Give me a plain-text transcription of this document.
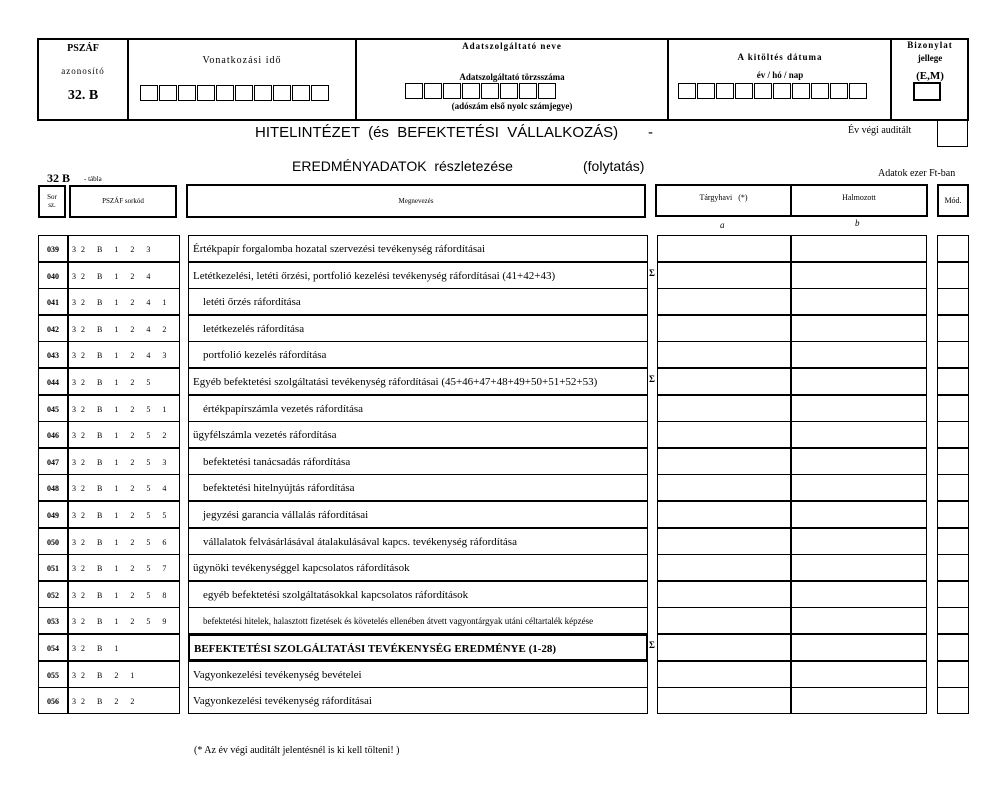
PSZÁF
azonosító
32. B
Vonatkozási idő
Adatszolgáltató neve
Adatszolgáltató törzsszáma
(adószám első nyolc számjegye)
A kitöltés dátuma
év / hó / nap
Bizonylat
jellege
(E,M)
HITELINTÉZET  (és  BEFEKTETÉSI  VÁLLALKOZÁS) -	Év végi auditált
EREDMÉNYADATOK  részletezése	(folytatás)	Adatok ezer Ft-ban
32 B - tábla
Sor
sz.	PSZÁF sorkód	Megnevezés	Tárgyhavi   (*)	Halmozott	Mód.
a	b
039	32 B 1 2 3	Értékpapír forgalomba hozatal szervezési tevékenység ráfordításai
040	32 B 1 2 4	Letétkezelési, letéti őrzési, portfolió kezelési tevékenység ráfordításai (41+42+43)	Σ
041	32 B 1 2 4 1	letéti őrzés ráfordítása
042	32 B 1 2 4 2	letétkezelés ráfordítása
043	32 B 1 2 4 3	portfolió kezelés ráfordítása
044	32 B 1 2 5	Egyéb befektetési szolgáltatási tevékenység ráfordításai (45+46+47+48+49+50+51+52+53)	Σ
045	32 B 1 2 5 1	értékpapírszámla vezetés ráfordítása
046	32 B 1 2 5 2	ügyfélszámla vezetés ráfordítása
047	32 B 1 2 5 3	befektetési tanácsadás ráfordítása
048	32 B 1 2 5 4	befektetési hitelnyújtás ráfordítása
049	32 B 1 2 5 5	jegyzési garancia vállalás ráfordításai
050	32 B 1 2 5 6	vállalatok felvásárlásával átalakulásával kapcs. tevékenység ráfordítása
051	32 B 1 2 5 7	ügynöki tevékenységgel kapcsolatos ráfordítások
052	32 B 1 2 5 8	egyéb befektetési szolgáltatásokkal kapcsolatos ráfordítások
053	32 B 1 2 5 9	befektetési hitelek, halasztott fizetések és követelés ellenében átvett vagyontárgyak utáni céltartalék képzése
054	32 B 1	BEFEKTETÉSI SZOLGÁLTATÁSI TEVÉKENYSÉG EREDMÉNYE (1-28)	Σ
055	32 B 2 1	Vagyonkezelési tevékenység bevételei
056	32 B 2 2	Vagyonkezelési tevékenység ráfordításai
(* Az év végi auditált jelentésnél is ki kell tölteni! )
